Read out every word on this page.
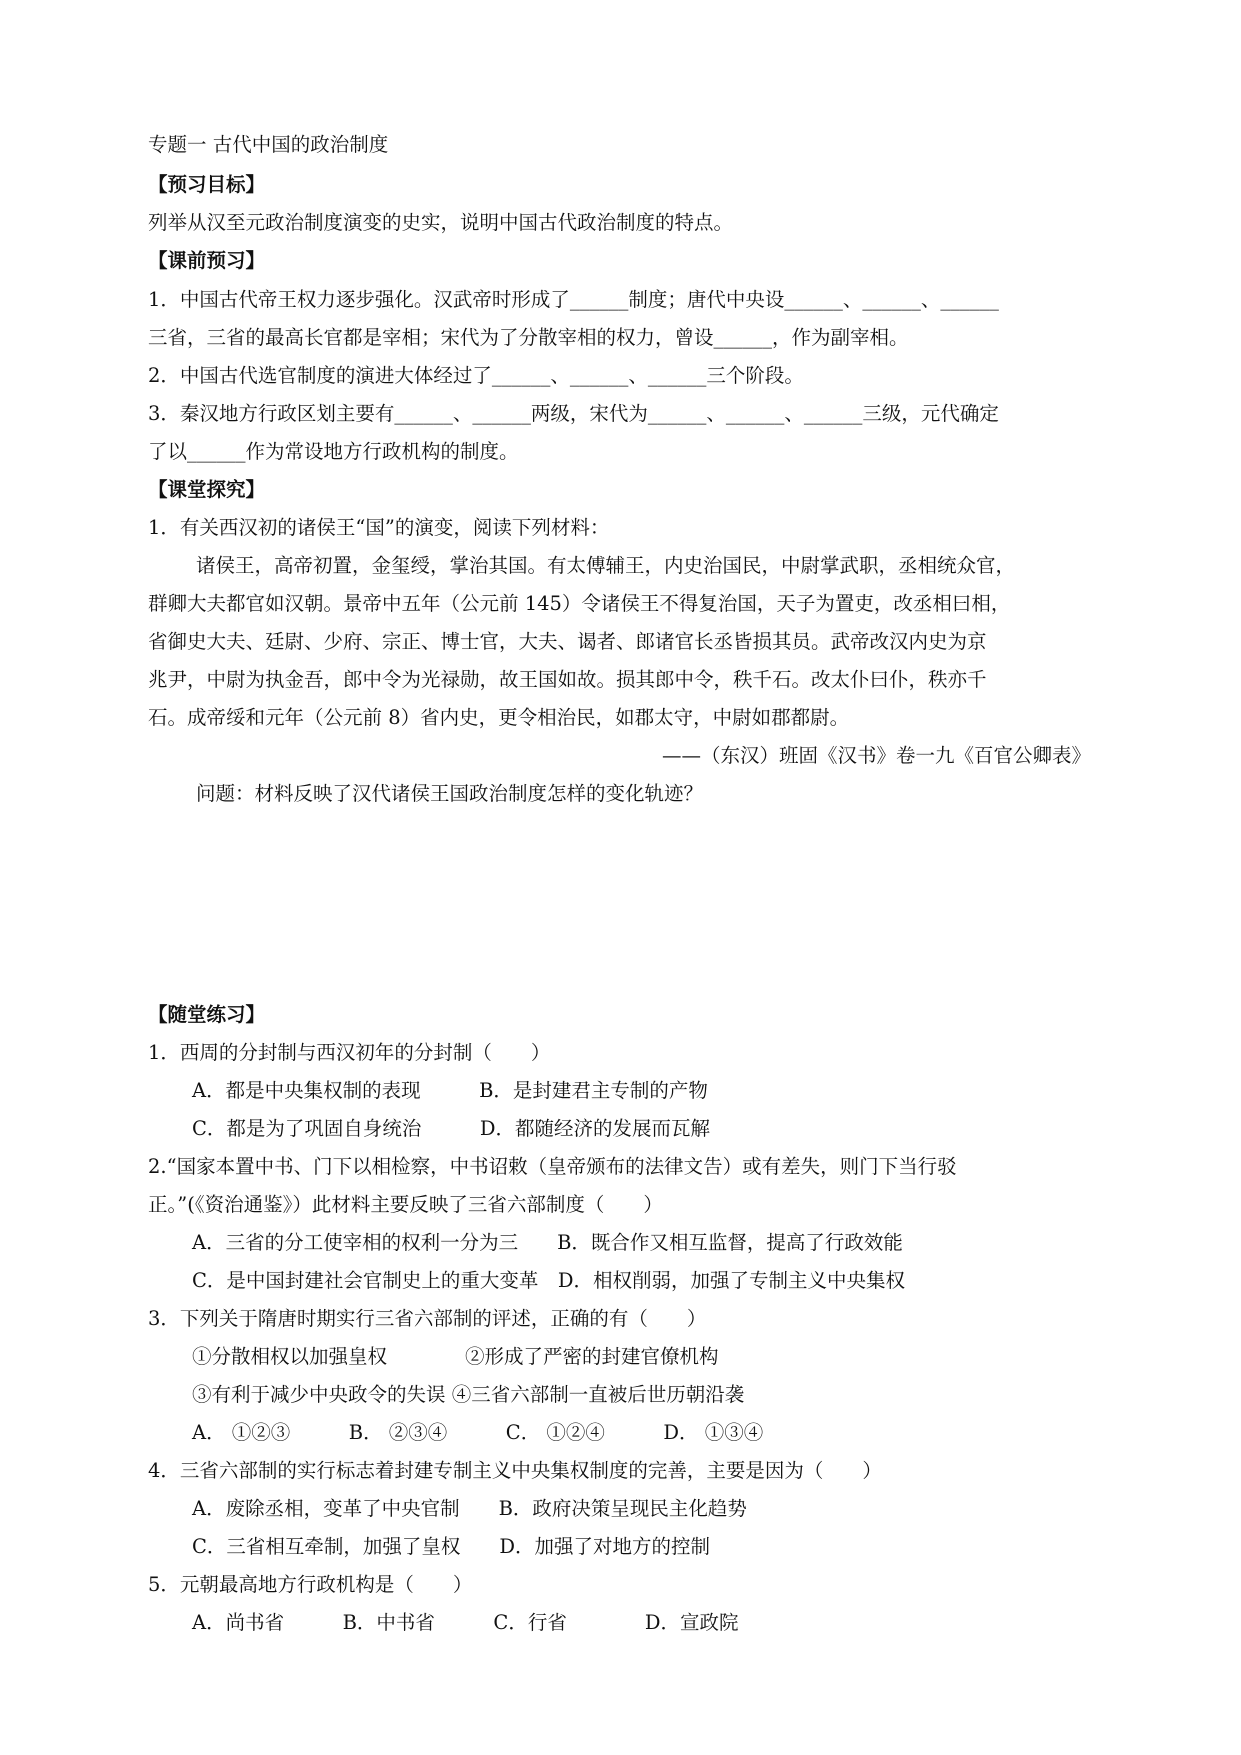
专题一 古代中国的政治制度
【预习目标】
列举从汉至元政治制度演变的史实，说明中国古代政治制度的特点。
【课前预习】
1．中国古代帝王权力逐步强化。汉武帝时形成了______制度；唐代中央设______、______、______
三省，三省的最高长官都是宰相；宋代为了分散宰相的权力，曾设______，作为副宰相。
2．中国古代选官制度的演进大体经过了______、______、______三个阶段。
3．秦汉地方行政区划主要有______、______两级，宋代为______、______、______三级，元代确定
了以______作为常设地方行政机构的制度。
【课堂探究】
1．有关西汉初的诸侯王“国”的演变，阅读下列材料：
诸侯王，高帝初置，金玺绶，掌治其国。有太傅辅王，内史治国民，中尉掌武职，丞相统众官，
群卿大夫都官如汉朝。景帝中五年（公元前 145）令诸侯王不得复治国，天子为置吏，改丞相曰相，
省御史大夫、廷尉、少府、宗正、博士官，大夫、谒者、郎诸官长丞皆损其员。武帝改汉内史为京
兆尹，中尉为执金吾，郎中令为光禄勋，故王国如故。损其郎中令，秩千石。改太仆曰仆，秩亦千
石。成帝绥和元年（公元前 8）省内史，更令相治民，如郡太守，中尉如郡都尉。
——（东汉）班固《汉书》卷一九《百官公卿表》
问题：材料反映了汉代诸侯王国政治制度怎样的变化轨迹？
【随堂练习】
1．西周的分封制与西汉初年的分封制（　　）
A．都是中央集权制的表现　　　B．是封建君主专制的产物
C．都是为了巩固自身统治　　　D．都随经济的发展而瓦解
2.“国家本置中书、门下以相检察，中书诏敕（皇帝颁布的法律文告）或有差失，则门下当行驳
正。”(《资治通鉴》）此材料主要反映了三省六部制度（　　）
A．三省的分工使宰相的权利一分为三　　B．既合作又相互监督，提高了行政效能
C．是中国封建社会官制史上的重大变革　D．相权削弱，加强了专制主义中央集权
3．下列关于隋唐时期实行三省六部制的评述，正确的有（　　）
①分散相权以加强皇权　　　　②形成了严密的封建官僚机构
③有利于减少中央政令的失误 ④三省六部制一直被后世历朝沿袭
A． ①②③　　　B． ②③④　　　C． ①②④　　　D． ①③④
4．三省六部制的实行标志着封建专制主义中央集权制度的完善，主要是因为（　　）
A．废除丞相，变革了中央官制　　B．政府决策呈现民主化趋势
C．三省相互牵制，加强了皇权　　D．加强了对地方的控制
5．元朝最高地方行政机构是（　　）
A．尚书省　　　B．中书省　　　C．行省　　　　D．宣政院
